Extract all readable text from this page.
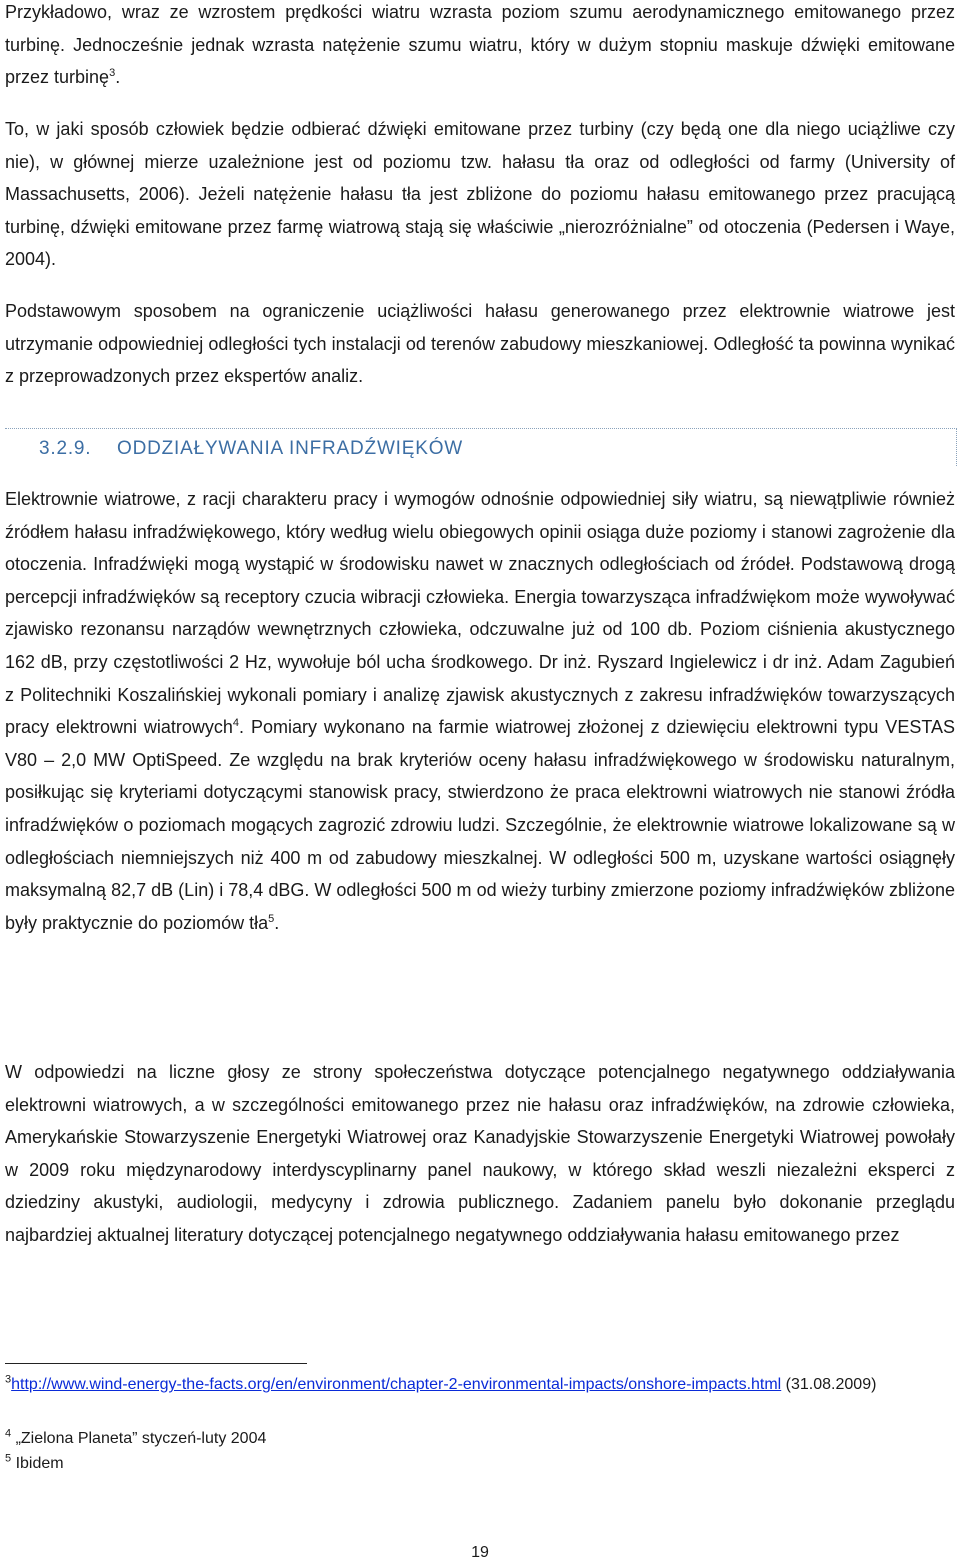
Przykładowo, wraz ze wzrostem prędkości wiatru wzrasta poziom szumu aerodynamicznego emitowanego przez turbinę. Jednocześnie jednak wzrasta natężenie szumu wiatru, który w dużym stopniu maskuje dźwięki emitowane przez turbinę$^3$.

To, w jaki sposób człowiek będzie odbierać dźwięki emitowane przez turbiny (czy będą one dla niego uciążliwe czy nie), w głównej mierze uzależnione jest od poziomu tzw. hałasu tła oraz od odległości od farmy (University of Massachusetts, 2006). Jeżeli natężenie hałasu tła jest zbliżone do poziomu hałasu emitowanego przez pracującą turbinę, dźwięki emitowane przez farmę wiatrową stają się właściwie „nierozróżnialne” od otoczenia (Pedersen i Waye, 2004).

Podstawowym sposobem na ograniczenie uciążliwości hałasu generowanego przez elektrownie wiatrowe jest utrzymanie odpowiedniej odległości tych instalacji od terenów zabudowy mieszkaniowej. Odległość ta powinna wynikać z przeprowadzonych przez ekspertów analiz.

3.2.9. ODDZIAŁYWANIA INFRADŹWIĘKÓW

Elektrownie wiatrowe, z racji charakteru pracy i wymogów odnośnie odpowiedniej siły wiatru, są niewątpliwie również źródłem hałasu infradźwiękowego, który według wielu obiegowych opinii osiąga duże poziomy i stanowi zagrożenie dla otoczenia. Infradźwięki mogą wystąpić w środowisku nawet w znacznych odległościach od źródeł. Podstawową drogą percepcji infradźwięków są receptory czucia wibracji człowieka. Energia towarzysząca infradźwiękom może wywoływać zjawisko rezonansu narządów wewnętrznych człowieka, odczuwalne już od 100 db. Poziom ciśnienia akustycznego 162 dB, przy częstotliwości 2 Hz, wywołuje ból ucha środkowego. Dr inż. Ryszard Ingielewicz i dr inż. Adam Zagubień z Politechniki Koszalińskiej wykonali pomiary i analizę zjawisk akustycznych z zakresu infradźwięków towarzyszących pracy elektrowni wiatrowych$^4$. Pomiary wykonano na farmie wiatrowej złożonej z dziewięciu elektrowni typu VESTAS V80 – 2,0 MW OptiSpeed. Ze względu na brak kryteriów oceny hałasu infradźwiękowego w środowisku naturalnym, posiłkując się kryteriami dotyczącymi stanowisk pracy, stwierdzono że praca elektrowni wiatrowych nie stanowi źródła infradźwięków o poziomach mogących zagrozić zdrowiu ludzi. Szczególnie, że elektrownie wiatrowe lokalizowane są w odległościach niemniejszych niż 400 m od zabudowy mieszkalnej. W odległości 500 m, uzyskane wartości osiągnęły maksymalną 82,7 dB (Lin) i 78,4 dBG. W odległości 500 m od wieży turbiny zmierzone poziomy infradźwięków zbliżone były praktycznie do poziomów tła$^5$.

W odpowiedzi na liczne głosy ze strony społeczeństwa dotyczące potencjalnego negatywnego oddziaływania elektrowni wiatrowych, a w szczególności emitowanego przez nie hałasu oraz infradźwięków, na zdrowie człowieka, Amerykańskie Stowarzyszenie Energetyki Wiatrowej oraz Kanadyjskie Stowarzyszenie Energetyki Wiatrowej powołały w 2009 roku międzynarodowy interdyscyplinarny panel naukowy, w którego skład weszli niezależni eksperci z dziedziny akustyki, audiologii, medycyny i zdrowia publicznego. Zadaniem panelu było dokonanie przeglądu najbardziej aktualnej literatury dotyczącej potencjalnego negatywnego oddziaływania hałasu emitowanego przez

$^3$http://www.wind-energy-the-facts.org/en/environment/chapter-2-environmental-impacts/onshore-impacts.html (31.08.2009)
$^4$ „Zielona Planeta” styczeń-luty 2004
$^5$ Ibidem
19
